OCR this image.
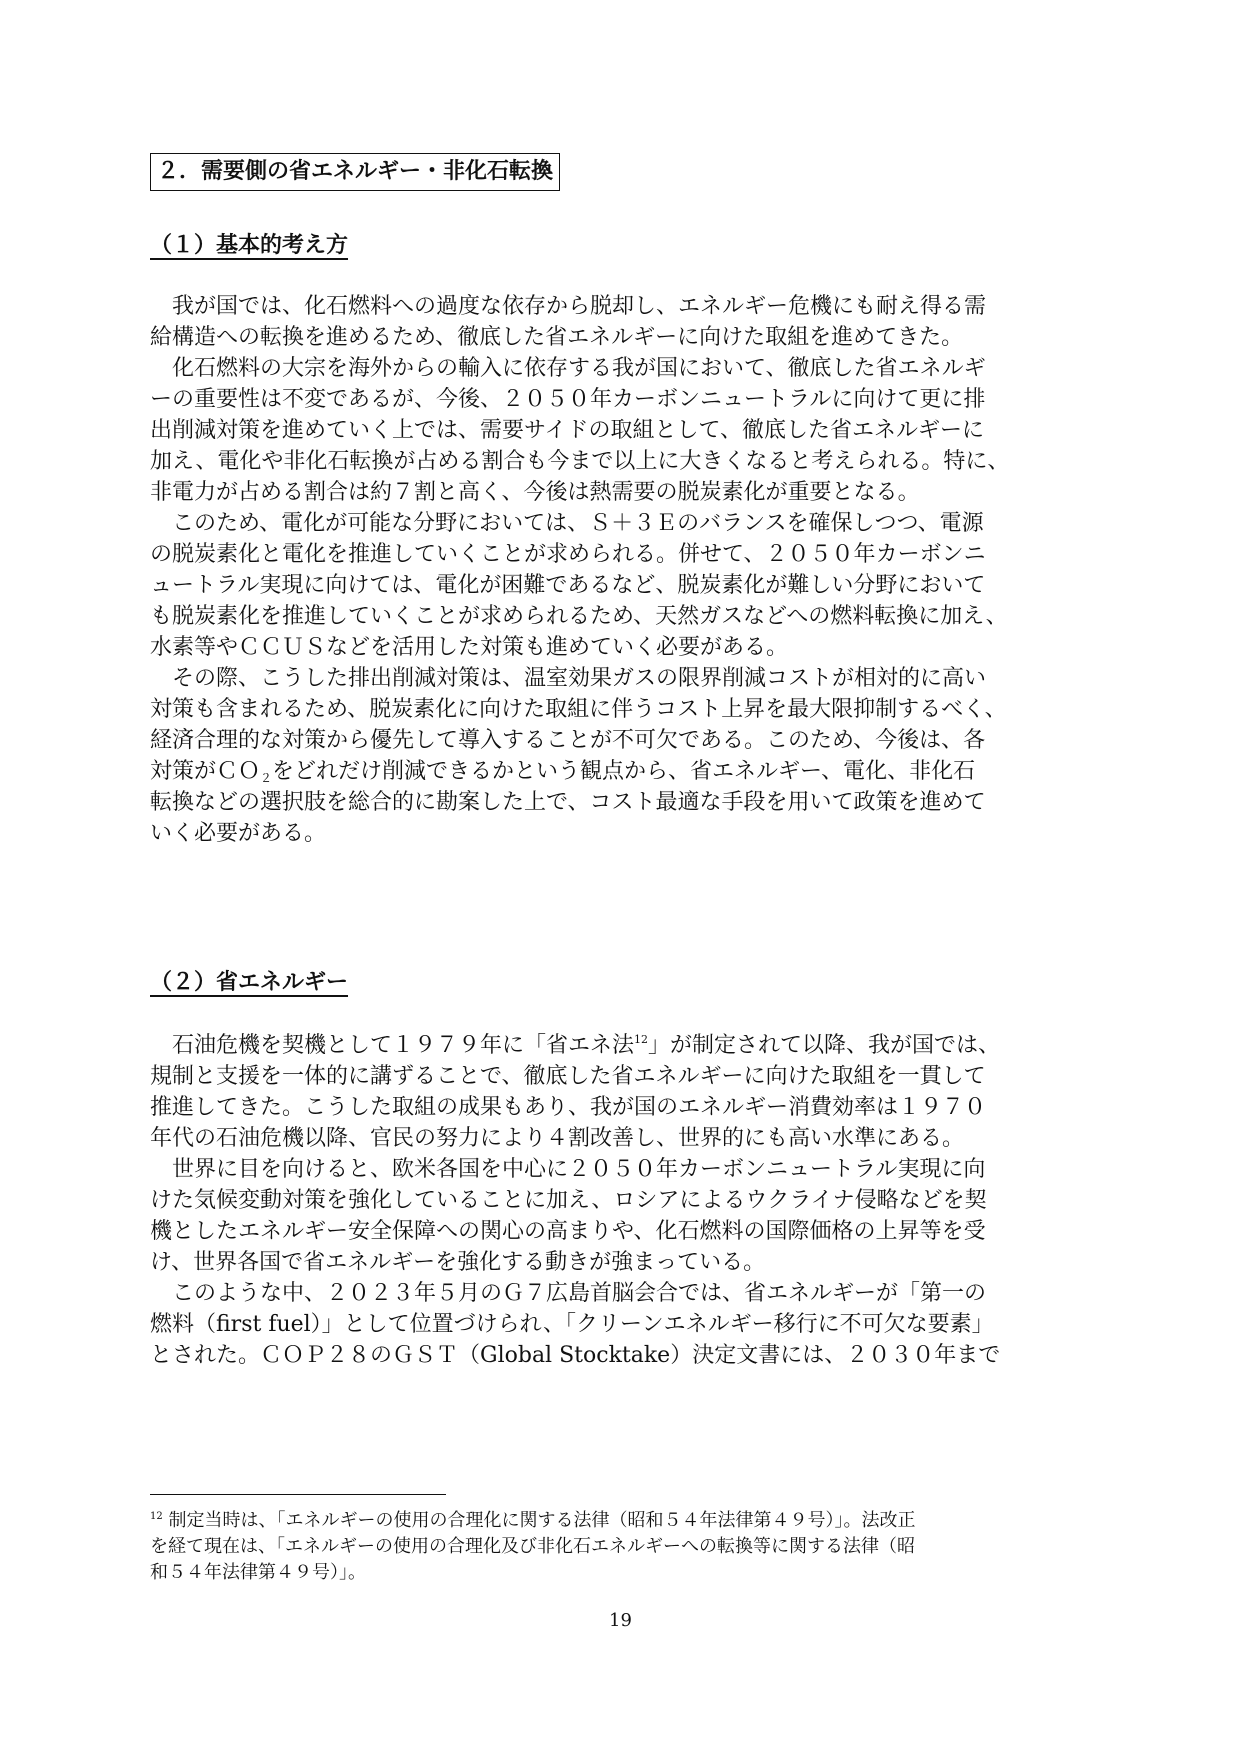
２．需要側の省エネルギー・非化石転換
（１）基本的考え方
　我が国では、化石燃料への過度な依存から脱却し、エネルギー危機にも耐え得る需
給構造への転換を進めるため、徹底した省エネルギーに向けた取組を進めてきた。
　化石燃料の大宗を海外からの輸入に依存する我が国において、徹底した省エネルギ
ーの重要性は不変であるが、今後、２０５０年カーボンニュートラルに向けて更に排
出削減対策を進めていく上では、需要サイドの取組として、徹底した省エネルギーに
加え、電化や非化石転換が占める割合も今まで以上に大きくなると考えられる。特に、
非電力が占める割合は約７割と高く、今後は熱需要の脱炭素化が重要となる。
　このため、電化が可能な分野においては、Ｓ＋３Ｅのバランスを確保しつつ、電源
の脱炭素化と電化を推進していくことが求められる。併せて、２０５０年カーボンニ
ュートラル実現に向けては、電化が困難であるなど、脱炭素化が難しい分野において
も脱炭素化を推進していくことが求められるため、天然ガスなどへの燃料転換に加え、
水素等やＣＣＵＳなどを活用した対策も進めていく必要がある。
　その際、こうした排出削減対策は、温室効果ガスの限界削減コストが相対的に高い
対策も含まれるため、脱炭素化に向けた取組に伴うコスト上昇を最大限抑制するべく、
経済合理的な対策から優先して導入することが不可欠である。このため、今後は、各
対策がＣＯ$_2$をどれだけ削減できるかという観点から、省エネルギー、電化、非化石
転換などの選択肢を総合的に勘案した上で、コスト最適な手段を用いて政策を進めて
いく必要がある。
（２）省エネルギー
　石油危機を契機として１９７９年に「省エネ法$^{12}$」が制定されて以降、我が国では、
規制と支援を一体的に講ずることで、徹底した省エネルギーに向けた取組を一貫して
推進してきた。こうした取組の成果もあり、我が国のエネルギー消費効率は１９７０
年代の石油危機以降、官民の努力により４割改善し、世界的にも高い水準にある。
　世界に目を向けると、欧米各国を中心に２０５０年カーボンニュートラル実現に向
けた気候変動対策を強化していることに加え、ロシアによるウクライナ侵略などを契
機としたエネルギー安全保障への関心の高まりや、化石燃料の国際価格の上昇等を受
け、世界各国で省エネルギーを強化する動きが強まっている。
　このような中、２０２３年５月のＧ７広島首脳会合では、省エネルギーが「第一の
燃料（first fuel）」として位置づけられ、「クリーンエネルギー移行に不可欠な要素」
とされた。ＣＯＰ２８のＧＳＴ（Global Stocktake）決定文書には、２０３０年まで
$^{12}$ 制定当時は、「エネルギーの使用の合理化に関する法律（昭和５４年法律第４９号）」。法改正
を経て現在は、「エネルギーの使用の合理化及び非化石エネルギーへの転換等に関する法律（昭
和５４年法律第４９号）」。
19
